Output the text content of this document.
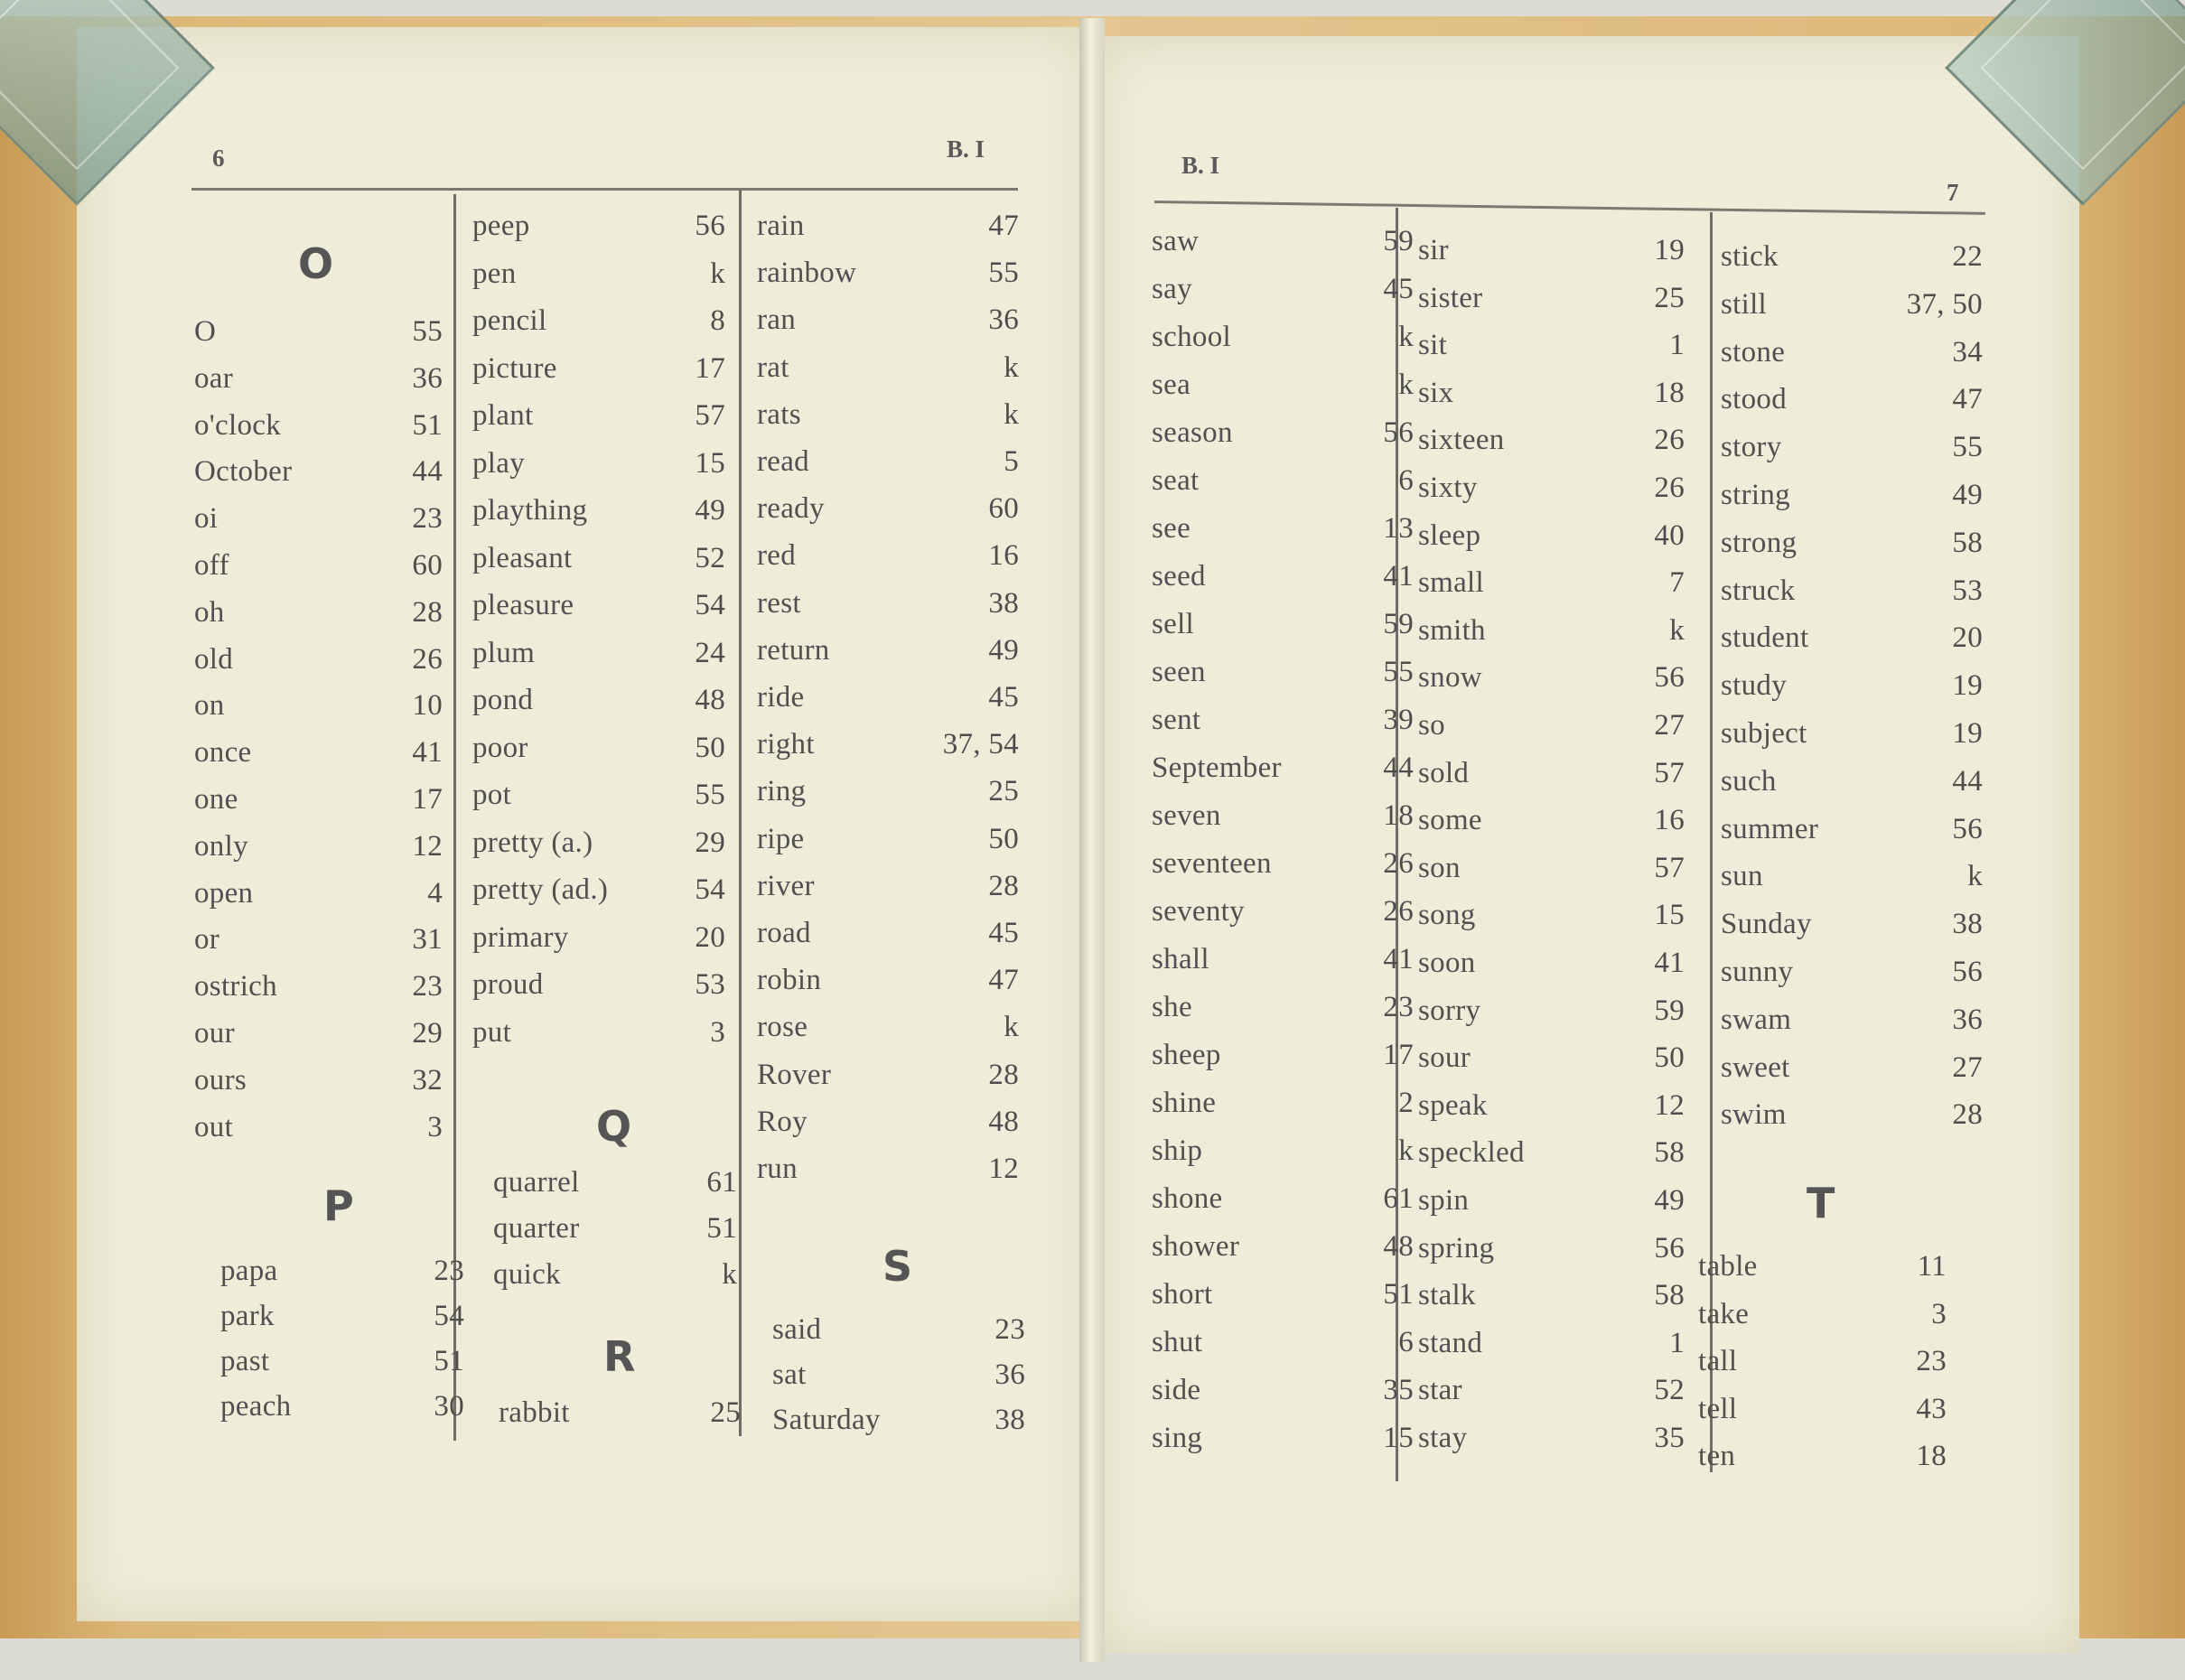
6	B. I
B. I
7
O
O	55
oar	36
o'clock	51
October	44
oi	23
off	60
oh	28
old	26
on	10
once	41
one	17
only	12
open	4
or	31
ostrich	23
our	29
ours	32
out	3
P
papa	23
park	54
past	51
peach	30
peep	56
pen	k
pencil	8
picture	17
plant	57
play	15
plaything	49
pleasant	52
pleasure	54
plum	24
pond	48
poor	50
pot	55
pretty (a.)	29
pretty (ad.)	54
primary	20
proud	53
put	3
Q
quarrel	61
quarter	51
quick	k
R
rabbit	25
rain	47
rainbow	55
ran	36
rat	k
rats	k
read	5
ready	60
red	16
rest	38
return	49
ride	45
right	37, 54
ring	25
ripe	50
river	28
road	45
robin	47
rose	k
Rover	28
Roy	48
run	12
S
said	23
sat	36
Saturday	38
saw	59
say	45
school	k
sea	k
season	56
seat	6
see	13
seed	41
sell	59
seen	55
sent	39
September	44
seven	18
seventeen	26
seventy	26
shall	41
she	23
sheep	17
shine	2
ship	k
shone	61
shower	48
short	51
shut	6
side	35
sing	15
sir	19
sister	25
sit	1
six	18
sixteen	26
sixty	26
sleep	40
small	7
smith	k
snow	56
so	27
sold	57
some	16
son	57
song	15
soon	41
sorry	59
sour	50
speak	12
speckled	58
spin	49
spring	56
stalk	58
stand	1
star	52
stay	35
stick	22
still	37, 50
stone	34
stood	47
story	55
string	49
strong	58
struck	53
student	20
study	19
subject	19
such	44
summer	56
sun	k
Sunday	38
sunny	56
swam	36
sweet	27
swim	28
T
table	11
take	3
tall	23
tell	43
ten	18
